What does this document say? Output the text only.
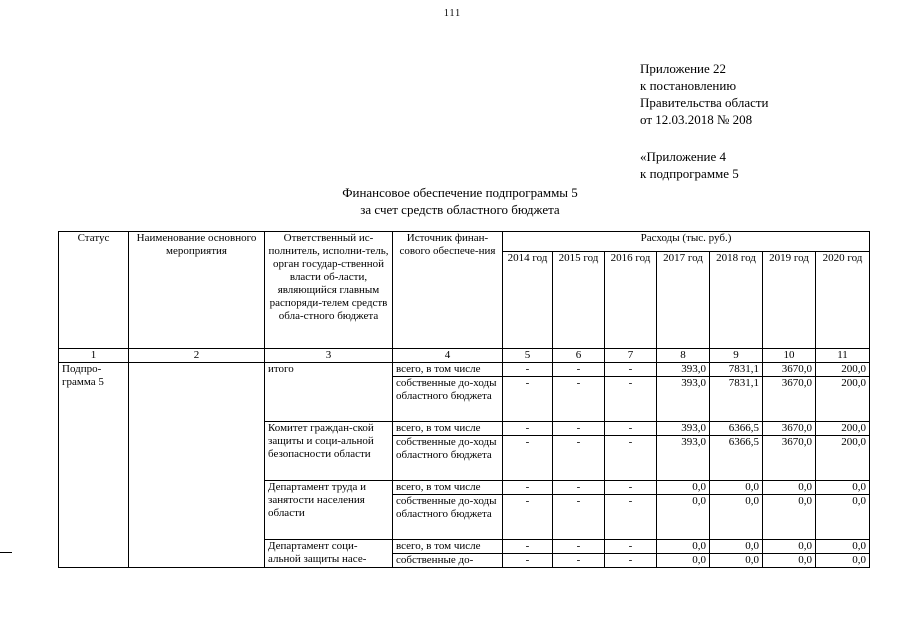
111
Приложение 22
к постановлению
Правительства области
от 12.03.2018 № 208
«Приложение 4
к подпрограмме 5
Финансовое обеспечение подпрограммы 5
за счет средств областного бюджета
Статус	Наименование основного мероприятия	Ответственный ис-полнитель, исполни-тель, орган государ-ственной власти об-ласти, являющийся главным распоряди-телем средств обла-стного бюджета	Источник финан-сового обеспече-ния	Расходы (тыс. руб.)						
				2014 год	2015 год	2016 год	2017 год	2018 год	2019 год	2020 год
1	2	3	4	5	6	7	8	9	10	11
Подпро-грамма 5		итого	всего, в том числе	-	-	-	393,0	7831,1	3670,0	200,0
			собственные до-ходы областного бюджета	-	-	-	393,0	7831,1	3670,0	200,0
		Комитет граждан-ской защиты и соци-альной безопасности области	всего, в том числе	-	-	-	393,0	6366,5	3670,0	200,0
			собственные до-ходы областного бюджета	-	-	-	393,0	6366,5	3670,0	200,0
		Департамент труда и занятости населения области	всего, в том числе	-	-	-	0,0	0,0	0,0	0,0
			собственные до-ходы областного бюджета	-	-	-	0,0	0,0	0,0	0,0
		Департамент соци-альной защиты насе-	всего, в том числе	-	-	-	0,0	0,0	0,0	0,0
			собственные до-	-	-	-	0,0	0,0	0,0	0,0
